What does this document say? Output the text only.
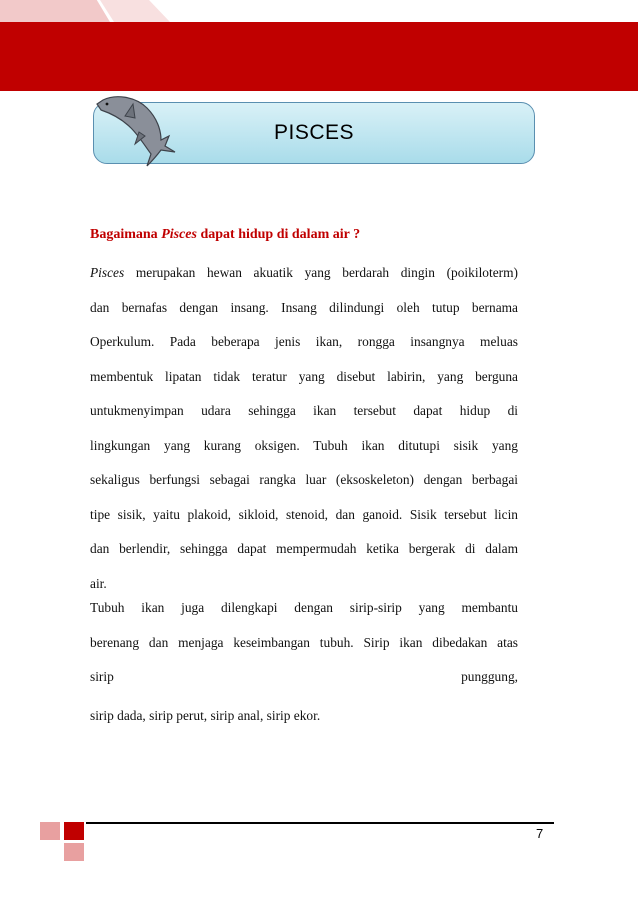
PISCES
Bagaimana Pisces dapat hidup di dalam air ?
Pisces merupakan hewan akuatik yang berdarah dingin (poikiloterm)
dan bernafas dengan insang. Insang dilindungi oleh tutup bernama
Operkulum. Pada beberapa jenis ikan, rongga insangnya meluas
membentuk lipatan tidak teratur yang disebut labirin, yang berguna
untukmenyimpan udara sehingga ikan tersebut dapat hidup di
lingkungan yang kurang oksigen. Tubuh ikan ditutupi sisik yang
sekaligus berfungsi sebagai rangka luar (eksoskeleton) dengan berbagai
tipe sisik, yaitu plakoid, sikloid, stenoid, dan ganoid. Sisik tersebut licin
dan berlendir, sehingga dapat mempermudah ketika bergerak di dalam
air.
Tubuh ikan juga dilengkapi dengan sirip-sirip yang membantu
berenang dan menjaga keseimbangan tubuh. Sirip ikan dibedakan atas
sirip punggung,
sirip dada, sirip perut, sirip anal, sirip ekor.
7
